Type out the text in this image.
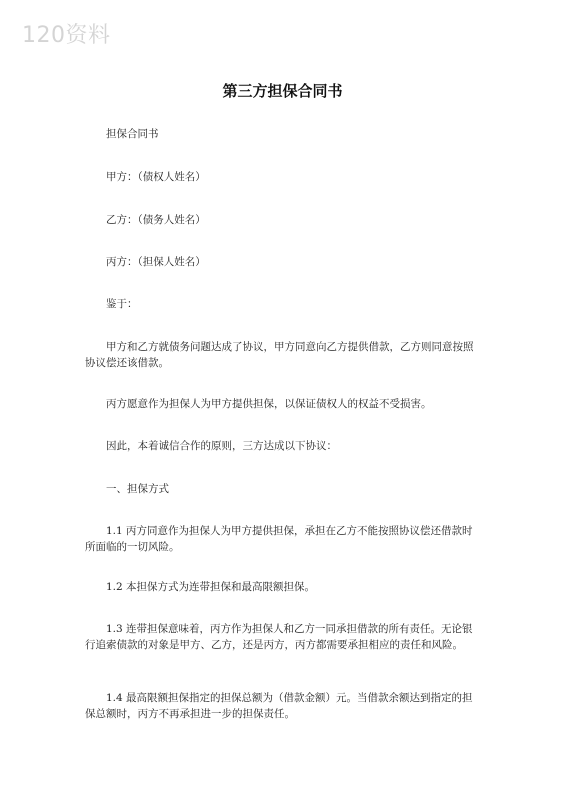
120资料
第三方担保合同书
担保合同书
甲方：（债权人姓名）
乙方：（债务人姓名）
丙方：（担保人姓名）
鉴于：
甲方和乙方就债务问题达成了协议，甲方同意向乙方提供借款，乙方则同意按照协议偿还该借款。
丙方愿意作为担保人为甲方提供担保，以保证债权人的权益不受损害。
因此，本着诚信合作的原则，三方达成以下协议：
一、担保方式
1.1 丙方同意作为担保人为甲方提供担保，承担在乙方不能按照协议偿还借款时所面临的一切风险。
1.2 本担保方式为连带担保和最高限额担保。
1.3 连带担保意味着，丙方作为担保人和乙方一同承担借款的所有责任。无论银行追索债款的对象是甲方、乙方，还是丙方，丙方都需要承担相应的责任和风险。
1.4 最高限额担保指定的担保总额为（借款金额）元。当借款余额达到指定的担保总额时，丙方不再承担进一步的担保责任。
